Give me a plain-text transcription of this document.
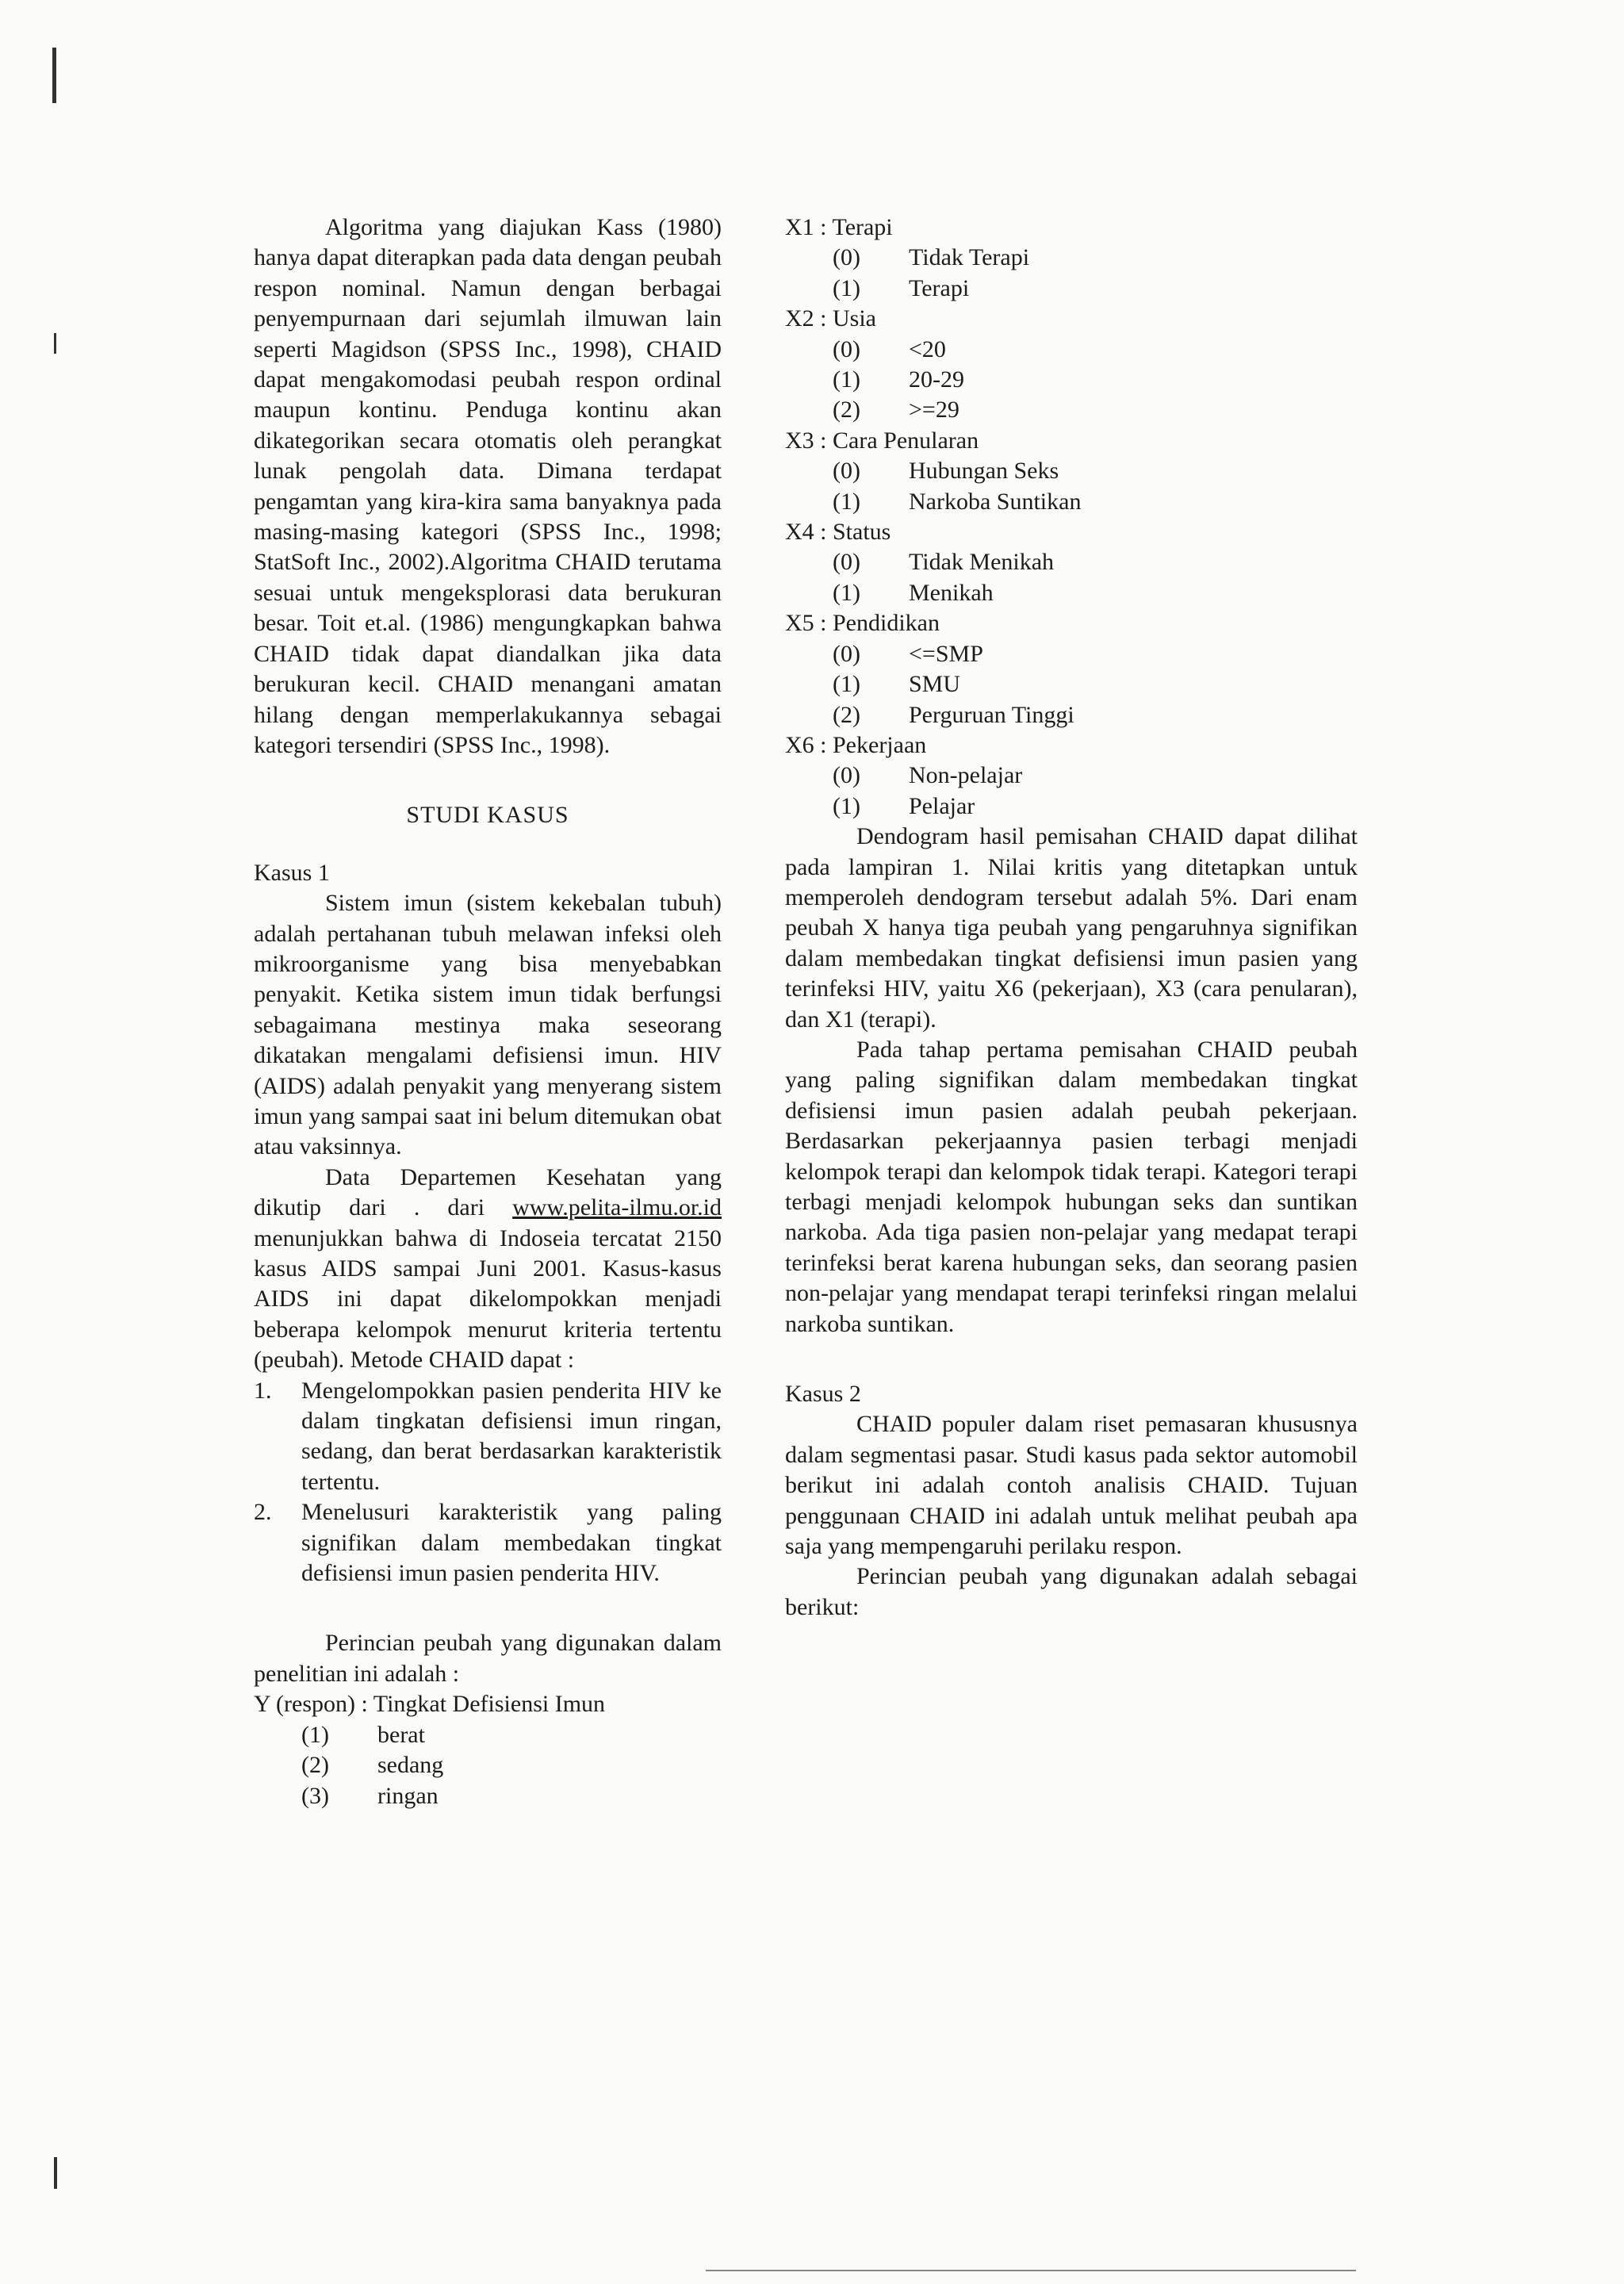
Algoritma yang diajukan Kass (1980) hanya dapat diterapkan pada data dengan peubah respon nominal. Namun dengan berbagai penyempurnaan dari sejumlah ilmuwan lain seperti Magidson (SPSS Inc., 1998), CHAID dapat mengakomodasi peubah respon ordinal maupun kontinu. Penduga kontinu akan dikategorikan secara otomatis oleh perangkat lunak pengolah data. Dimana terdapat pengamtan yang kira-kira sama banyaknya pada masing-masing kategori (SPSS Inc., 1998; StatSoft Inc., 2002).Algoritma CHAID terutama sesuai untuk mengeksplorasi data berukuran besar. Toit et.al. (1986) mengungkapkan bahwa CHAID tidak dapat diandalkan jika data berukuran kecil. CHAID menangani amatan hilang dengan memperlakukannya sebagai kategori tersendiri (SPSS Inc., 1998).

STUDI KASUS

Kasus 1

Sistem imun (sistem kekebalan tubuh) adalah pertahanan tubuh melawan infeksi oleh mikroorganisme yang bisa menyebabkan penyakit. Ketika sistem imun tidak berfungsi sebagaimana mestinya maka seseorang dikatakan mengalami defisiensi imun. HIV (AIDS) adalah penyakit yang menyerang sistem imun yang sampai saat ini belum ditemukan obat atau vaksinnya.

Data Departemen Kesehatan yang dikutip dari . dari www.pelita-ilmu.or.id menunjukkan bahwa di Indoseia tercatat 2150 kasus AIDS sampai Juni 2001. Kasus-kasus AIDS ini dapat dikelompokkan menjadi beberapa kelompok menurut kriteria tertentu (peubah). Metode CHAID dapat :

1.	Mengelompokkan pasien penderita HIV ke dalam tingkatan defisiensi imun ringan, sedang, dan berat berdasarkan karakteristik tertentu.
2.	Menelusuri karakteristik yang paling signifikan dalam membedakan tingkat defisiensi imun pasien penderita HIV.

Perincian peubah yang digunakan dalam penelitian ini adalah :

Y (respon) : Tingkat Defisiensi Imun

(1)	berat
(2)	sedang
(3)	ringan

X1 : Terapi

(0)	Tidak Terapi
(1)	Terapi

X2 : Usia

(0)	<20
(1)	20-29
(2)	>=29

X3 : Cara Penularan

(0)	Hubungan Seks
(1)	Narkoba Suntikan

X4 : Status

(0)	Tidak Menikah
(1)	Menikah

X5 : Pendidikan

(0)	<=SMP
(1)	SMU
(2)	Perguruan Tinggi

X6 : Pekerjaan

(0)	Non-pelajar
(1)	Pelajar

Dendogram hasil pemisahan CHAID dapat dilihat pada lampiran 1. Nilai kritis yang ditetapkan untuk memperoleh dendogram tersebut adalah 5%. Dari enam peubah X hanya tiga peubah yang pengaruhnya signifikan dalam membedakan tingkat defisiensi imun pasien yang terinfeksi HIV, yaitu X6 (pekerjaan), X3 (cara penularan), dan X1 (terapi).

Pada tahap pertama pemisahan CHAID peubah yang paling signifikan dalam membedakan tingkat defisiensi imun pasien adalah peubah pekerjaan. Berdasarkan pekerjaannya pasien terbagi menjadi kelompok terapi dan kelompok tidak terapi. Kategori terapi terbagi menjadi kelompok hubungan seks dan suntikan narkoba. Ada tiga pasien non-pelajar yang medapat terapi terinfeksi berat karena hubungan seks, dan seorang pasien non-pelajar yang mendapat terapi terinfeksi ringan melalui narkoba suntikan.

Kasus 2

CHAID populer dalam riset pemasaran khususnya dalam segmentasi pasar. Studi kasus pada sektor automobil berikut ini adalah contoh analisis CHAID. Tujuan penggunaan CHAID ini adalah untuk melihat peubah apa saja yang mempengaruhi perilaku respon.

Perincian peubah yang digunakan adalah sebagai berikut:
